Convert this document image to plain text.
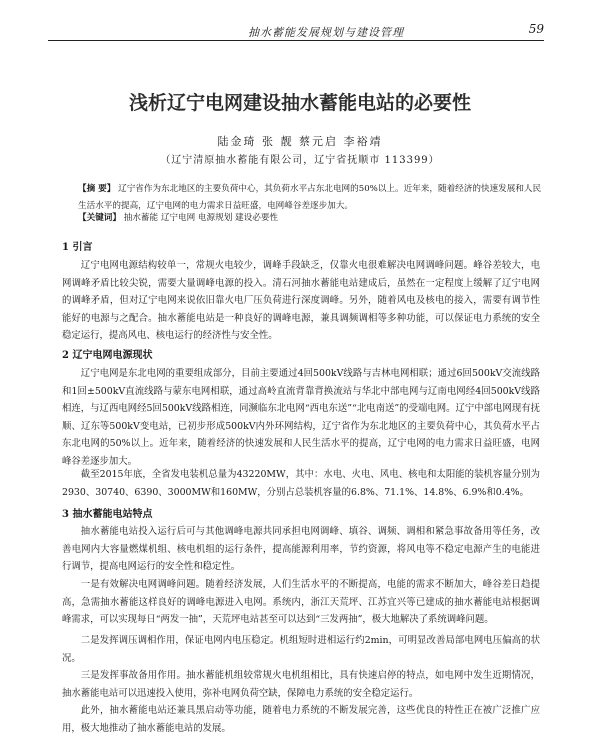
抽水蓄能发展规划与建设管理	59
浅析辽宁电网建设抽水蓄能电站的必要性
陆金琦 张 靓 蔡元启 李裕靖
（辽宁清原抽水蓄能有限公司，辽宁省抚顺市 113399）
【摘 要】 辽宁省作为东北地区的主要负荷中心，其负荷水平占东北电网的50%以上。近年来，随着经济的快速发展和人民生活水平的提高，辽宁电网的电力需求日益旺盛，电网峰谷差逐步加大。
【关键词】 抽水蓄能 辽宁电网 电源规划 建设必要性
1 引言
辽宁电网电源结构较单一，常规火电较少，调峰手段缺乏，仅靠火电很难解决电网调峰问题。峰谷差较大，电网调峰矛盾比较尖锐，需要大量调峰电源的投入。清石河抽水蓄能电站建成后，虽然在一定程度上缓解了辽宁电网的调峰矛盾，但对辽宁电网来说依旧靠火电厂压负荷进行深度调峰。另外，随着风电及核电的接入，需要有调节性能好的电源与之配合。抽水蓄能电站是一种良好的调峰电源，兼具调频调相等多种功能，可以保证电力系统的安全稳定运行，提高风电、核电运行的经济性与安全性。
2 辽宁电网电源现状
辽宁电网是东北电网的重要组成部分，目前主要通过4回500kV线路与吉林电网相联；通过6回500kV交流线路和1回±500kV直流线路与蒙东电网相联，通过高岭直流背靠背换流站与华北中部电网与辽南电网经4回500kV线路相连，与辽西电网经5回500kV线路相连，同濒临东北电网“西电东送”“北电南送”的受端电网。辽宁中部电网现有抚顺、辽东等500kV变电站，已初步形成500kV内外环网结构，辽宁省作为东北地区的主要负荷中心，其负荷水平占东北电网的50%以上。近年来，随着经济的快速发展和人民生活水平的提高，辽宁电网的电力需求日益旺盛，电网峰谷差逐步加大。
截至2015年底，全省发电装机总量为43220MW，其中：水电、火电、风电、核电和太阳能的装机容量分别为2930、30740、6390、3000MW和160MW，分别占总装机容量的6.8%、71.1%、14.8%、6.9%和0.4%。
3 抽水蓄能电站特点
抽水蓄能电站投入运行后可与其他调峰电源共同承担电网调峰、填谷、调频、调相和紧急事故备用等任务，改善电网内大容量燃煤机组、核电机组的运行条件，提高能源利用率，节约资源，将风电等不稳定电源产生的电能进行调节，提高电网运行的安全性和稳定性。
一是有效解决电网调峰问题。随着经济发展，人们生活水平的不断提高，电能的需求不断加大，峰谷差日趋提高，急需抽水蓄能这样良好的调峰电源进入电网。系统内，浙江天荒坪、江苏宜兴等已建成的抽水蓄能电站根据调峰需求，可以实现每日“两发一抽”，天荒坪电站甚至可以达到“三发两抽”，极大地解决了系统调峰问题。
二是发挥调压调相作用，保证电网内电压稳定。机组短时进相运行约2min，可明显改善局部电网电压偏高的状况。
三是发挥事故备用作用。抽水蓄能机组较常规火电机组相比，具有快速启停的特点，如电网中发生近期情况，抽水蓄能电站可以迅速投入使用，弥补电网负荷空缺，保障电力系统的安全稳定运行。
此外，抽水蓄能电站还兼具黑启动等功能，随着电力系统的不断发展完善，这些优良的特性正在被广泛推广应用，极大地推动了抽水蓄能电站的发展。
